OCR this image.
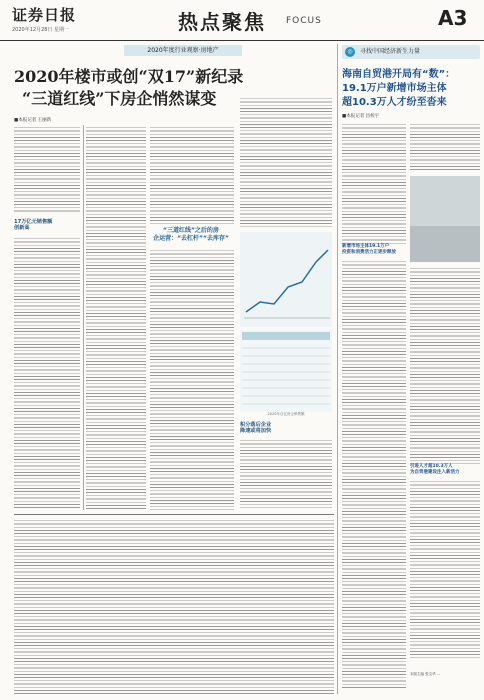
证券日报
2020年12月28日 星期一	热点聚焦 FOCUS	A3
2020年度行业观察·房地产
2020年楼市或创“双17”新纪录
“三道红线”下房企悄然谋变
■本报记者 王丽新
17万亿元销售额
创新高	“三道红线”之后的房
企运营：“去杠杆”“去库存”
2020年百亿房企销售额
积分落后企业
降速或将加快
寻找中国经济新生力量
◎
海南自贸港开局有“数”：
19.1万户新增市场主体
超10.3万人才纷至沓来
■本报记者 昌校宇
新增市场主体19.1万户
投资和消费活力正逐步释放
引进人才超10.3万人
为自贸港建设注入新活力
本版主编 张宝华 ...
